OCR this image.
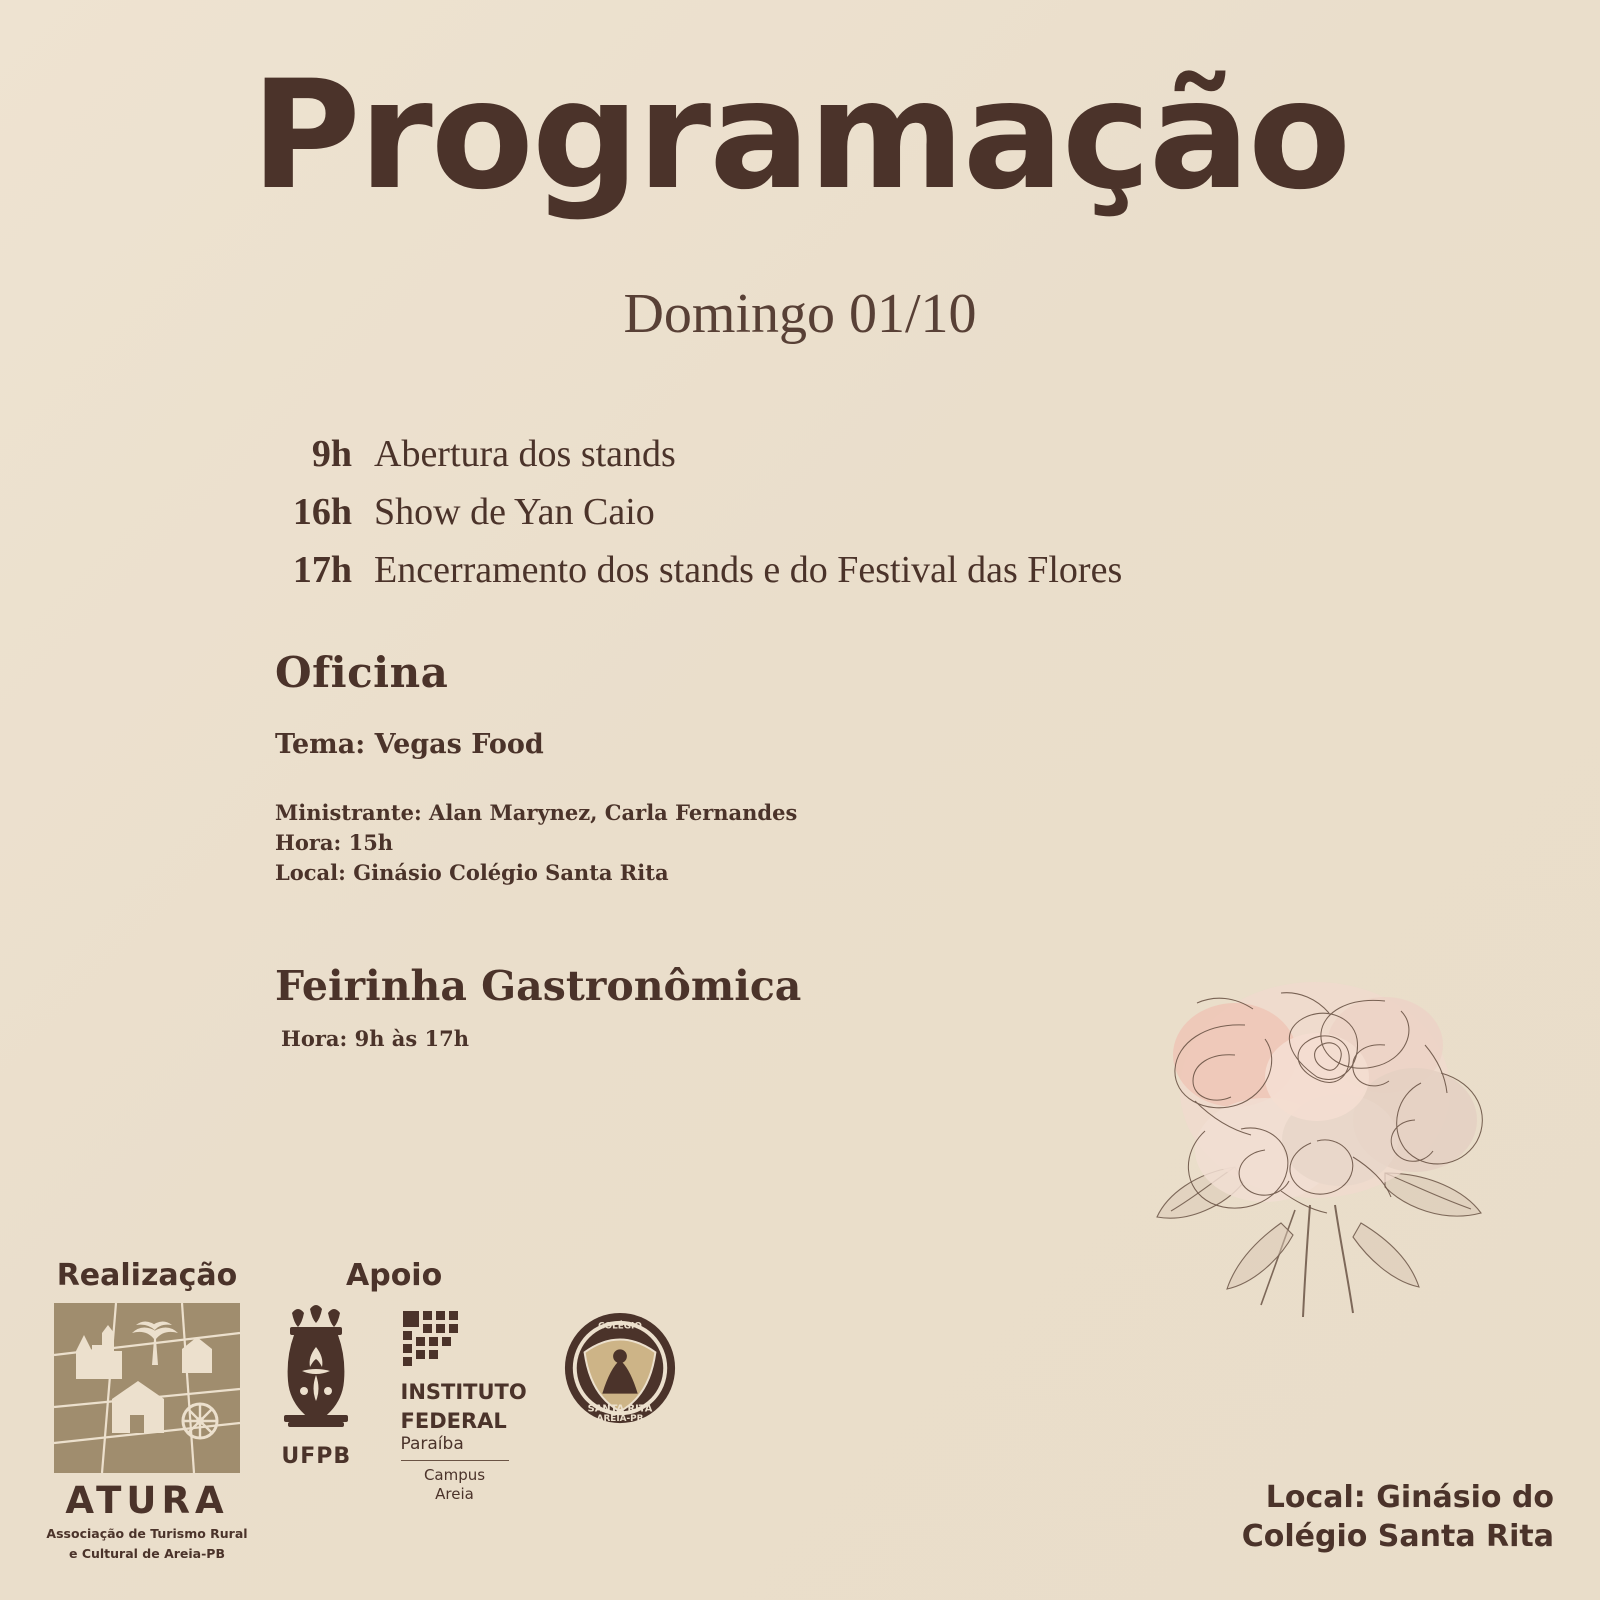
Programação
Domingo 01/10
9h Abertura dos stands
16h Show de Yan Caio
17h Encerramento dos stands e do Festival das Flores
Oficina
Tema: Vegas Food
Ministrante: Alan Marynez, Carla Fernandes
Hora: 15h
Local: Ginásio Colégio Santa Rita
Feirinha Gastronômica
Hora: 9h às 17h
Realização
ATURA
Associação de Turismo Rural
e Cultural de Areia-PB
Apoio
UFPB
INSTITUTO
FEDERAL
Paraíba
Campus
Areia
COLÉGIO
AREIA-PB
SANTA RITA
Local: Ginásio do
Colégio Santa Rita
